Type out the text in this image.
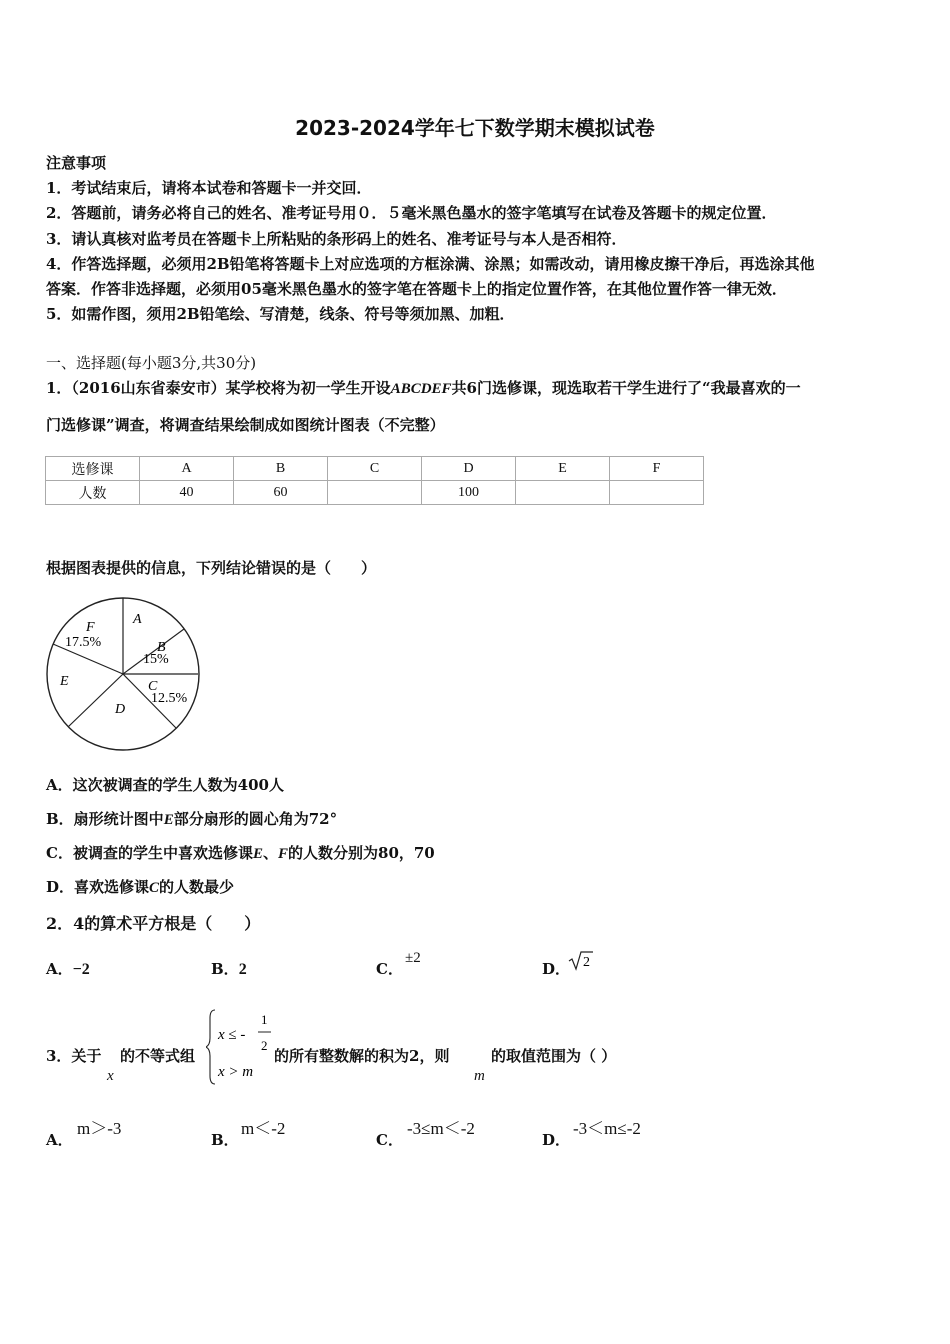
2023-2024学年七下数学期末模拟试卷
注意事项
1．考试结束后，请将本试卷和答题卡一并交回．
2．答题前，请务必将自己的姓名、准考证号用０．５毫米黑色墨水的签字笔填写在试卷及答题卡的规定位置．
3．请认真核对监考员在答题卡上所粘贴的条形码上的姓名、准考证号与本人是否相符．
4．作答选择题，必须用2B铅笔将答题卡上对应选项的方框涂满、涂黑；如需改动，请用橡皮擦干净后，再选涂其他
答案．作答非选择题，必须用05毫米黑色墨水的签字笔在答题卡上的指定位置作答，在其他位置作答一律无效．
5．如需作图，须用2B铅笔绘、写清楚，线条、符号等须加黑、加粗．
一、选择题(每小题3分,共30分)
1．（2016山东省泰安市）某学校将为初一学生开设ABCDEF共6门选修课，现选取若干学生进行了“我最喜欢的一
门选修课”调查，将调查结果绘制成如图统计图表（不完整）
选修课	A	B	C	D	E	F
人数	40	60		100		
根据图表提供的信息，下列结论错误的是（　　）
A
B
15%
C
12.5%
D
E
F
17.5%
A．这次被调查的学生人数为400人
B．扇形统计图中E部分扇形的圆心角为72°
C．被调查的学生中喜欢选修课E、F的人数分别为80，70
D．喜欢选修课C的人数最少
2．4的算术平方根是（　　）
A．−2	B．2	C．
±2
D． 2
3．关于
x
的不等式组
x ≤ -
1
2
x > m
的所有整数解的积为2，则
m
的取值范围为（ ）
A．
m＞-3
B．
m＜-2
C．
-3≤m＜-2
D．
-3＜m≤-2
